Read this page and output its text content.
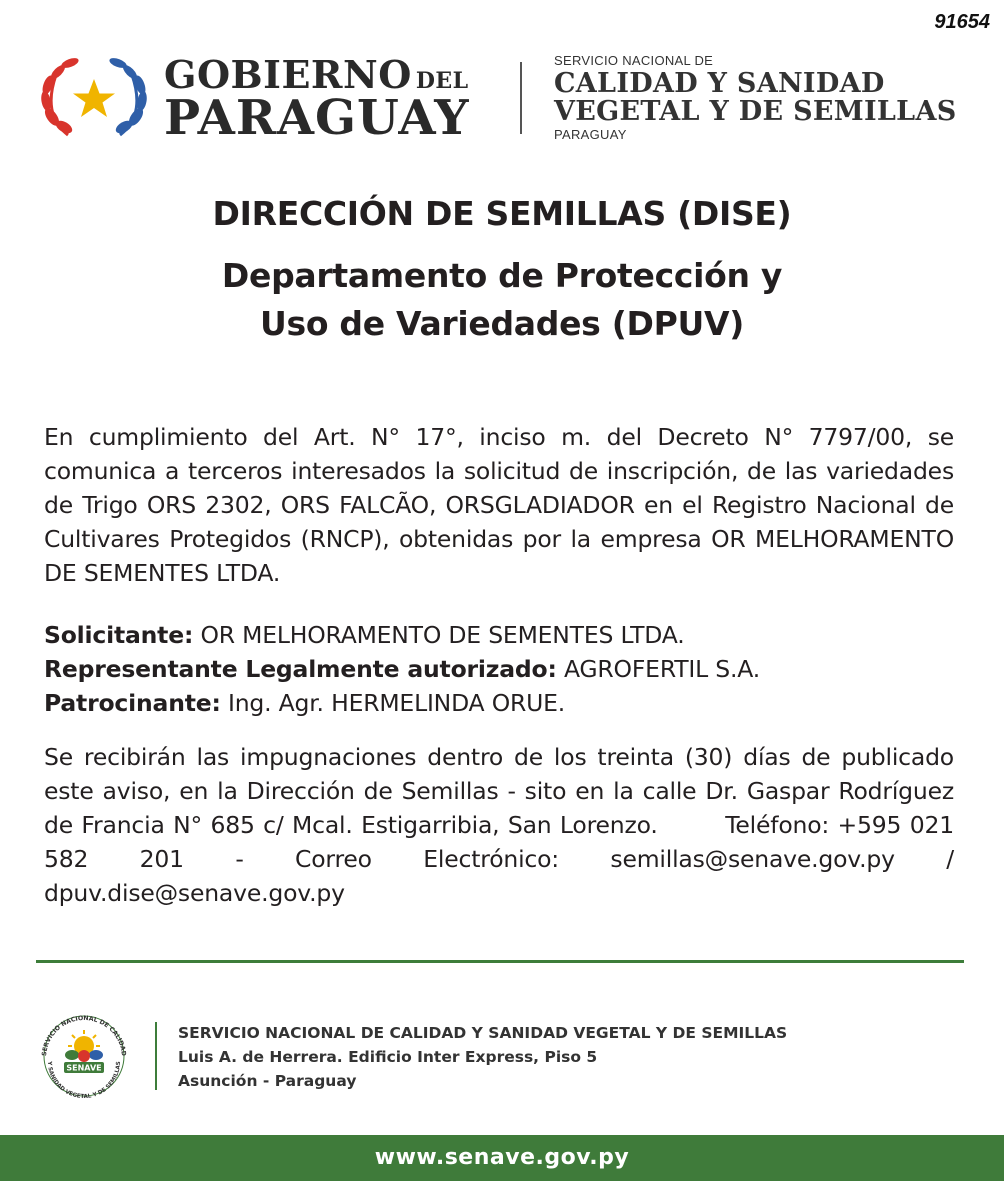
91654
GOBIERNO DEL
PARAGUAY
SERVICIO NACIONAL DE
CALIDAD Y SANIDAD
VEGETAL Y DE SEMILLAS
PARAGUAY
DIRECCIÓN DE SEMILLAS (DISE)
Departamento de Protección y
Uso de Variedades (DPUV)
En cumplimiento del Art. N° 17°, inciso m. del Decreto N° 7797/00, se comunica a terceros interesados la solicitud de inscripción, de las variedades de Trigo ORS 2302, ORS FALCÃO, ORSGLADIADOR en el Registro Nacional de Cultivares Protegidos (RNCP), obtenidas por la empresa OR MELHORAMENTO DE SEMENTES LTDA.
Solicitante: OR MELHORAMENTO DE SEMENTES LTDA.
Representante Legalmente autorizado: AGROFERTIL S.A.
Patrocinante: Ing. Agr. HERMELINDA ORUE.
Se recibirán las impugnaciones dentro de los treinta (30) días de publicado este aviso, en la Dirección de Semillas - sito en la calle Dr. Gaspar Rodríguez de Francia N° 685 c/ Mcal. Estigarribia, San Lorenzo.        Teléfono: +595 021 582 201 - Correo Electrónico: semillas@senave.gov.py / dpuv.dise@senave.gov.py
SERVICIO NACIONAL DE CALIDAD
Y SANIDAD VEGETAL Y DE SEMILLAS
SENAVE
SERVICIO NACIONAL DE CALIDAD Y SANIDAD VEGETAL Y DE SEMILLAS
Luis A. de Herrera. Edificio Inter Express, Piso 5
Asunción - Paraguay
www.senave.gov.py
